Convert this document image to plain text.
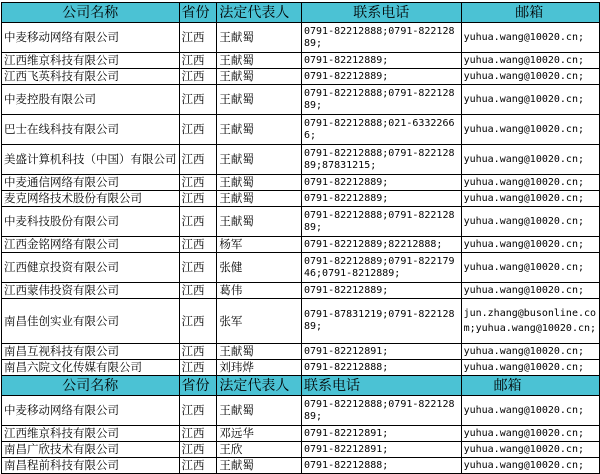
公司名称	省份	法定代表人	联系电话	邮箱
中麦移动网络有限公司	江西	王献蜀	0791-82212888;0791-82212889;	yuhua.wang@10020.cn;
江西维京科技有限公司	江西	王献蜀	0791-82212889;	yuhua.wang@10020.cn;
江西飞英科技有限公司	江西	王献蜀	0791-82212889;	yuhua.wang@10020.cn;
中麦控股有限公司	江西	王献蜀	0791-82212888;0791-82212889;	yuhua.wang@10020.cn;
巴士在线科技有限公司	江西	王献蜀	0791-82212888;021-63322666;	yuhua.wang@10020.cn;
美盛计算机科技（中国）有限公司	江西	王献蜀	0791-82212888;0791-82212889;87831215;	yuhua.wang@10020.cn;
中麦通信网络有限公司	江西	王献蜀	0791-82212889;	yuhua.wang@10020.cn;
麦克网络技术股份有限公司	江西	王献蜀	0791-82212889;	yuhua.wang@10020.cn;
中麦科技股份有限公司	江西	王献蜀	0791-82212888;0791-82212889;	yuhua.wang@10020.cn;
江西金铭网络有限公司	江西	杨军	0791-82212889;82212888;	yuhua.wang@10020.cn;
江西健京投资有限公司	江西	张健	0791-82212889;0791-82217946;0791-8212889;	yuhua.wang@10020.cn;
江西蒙伟投资有限公司	江西	葛伟	0791-82212889;	yuhua.wang@10020.cn;
南昌佳创实业有限公司	江西	张军	0791-87831219;0791-82212889;	jun.zhang@busonline.com;yuhua.wang@10020.cn;
南昌互视科技有限公司	江西	王献蜀	0791-82212891;	yuhua.wang@10020.cn;
南昌六院文化传媒有限公司	江西	刘玮烨	0791-82212888;	yuhua.wang@10020.cn;
公司名称	省份	法定代表人	联系电话	邮箱
中麦移动网络有限公司	江西	王献蜀	0791-82212888;0791-82212889;	yuhua.wang@10020.cn;
江西维京科技有限公司	江西	邓远华	0791-82212891;	yuhua.wang@10020.cn;
南昌广欣技术有限公司	江西	王欣	0791-82212891;	yuhua.wang@10020.cn;
南昌程前科技有限公司	江西	王献蜀	0791-82212888;	yuhua.wang@10020.cn;
